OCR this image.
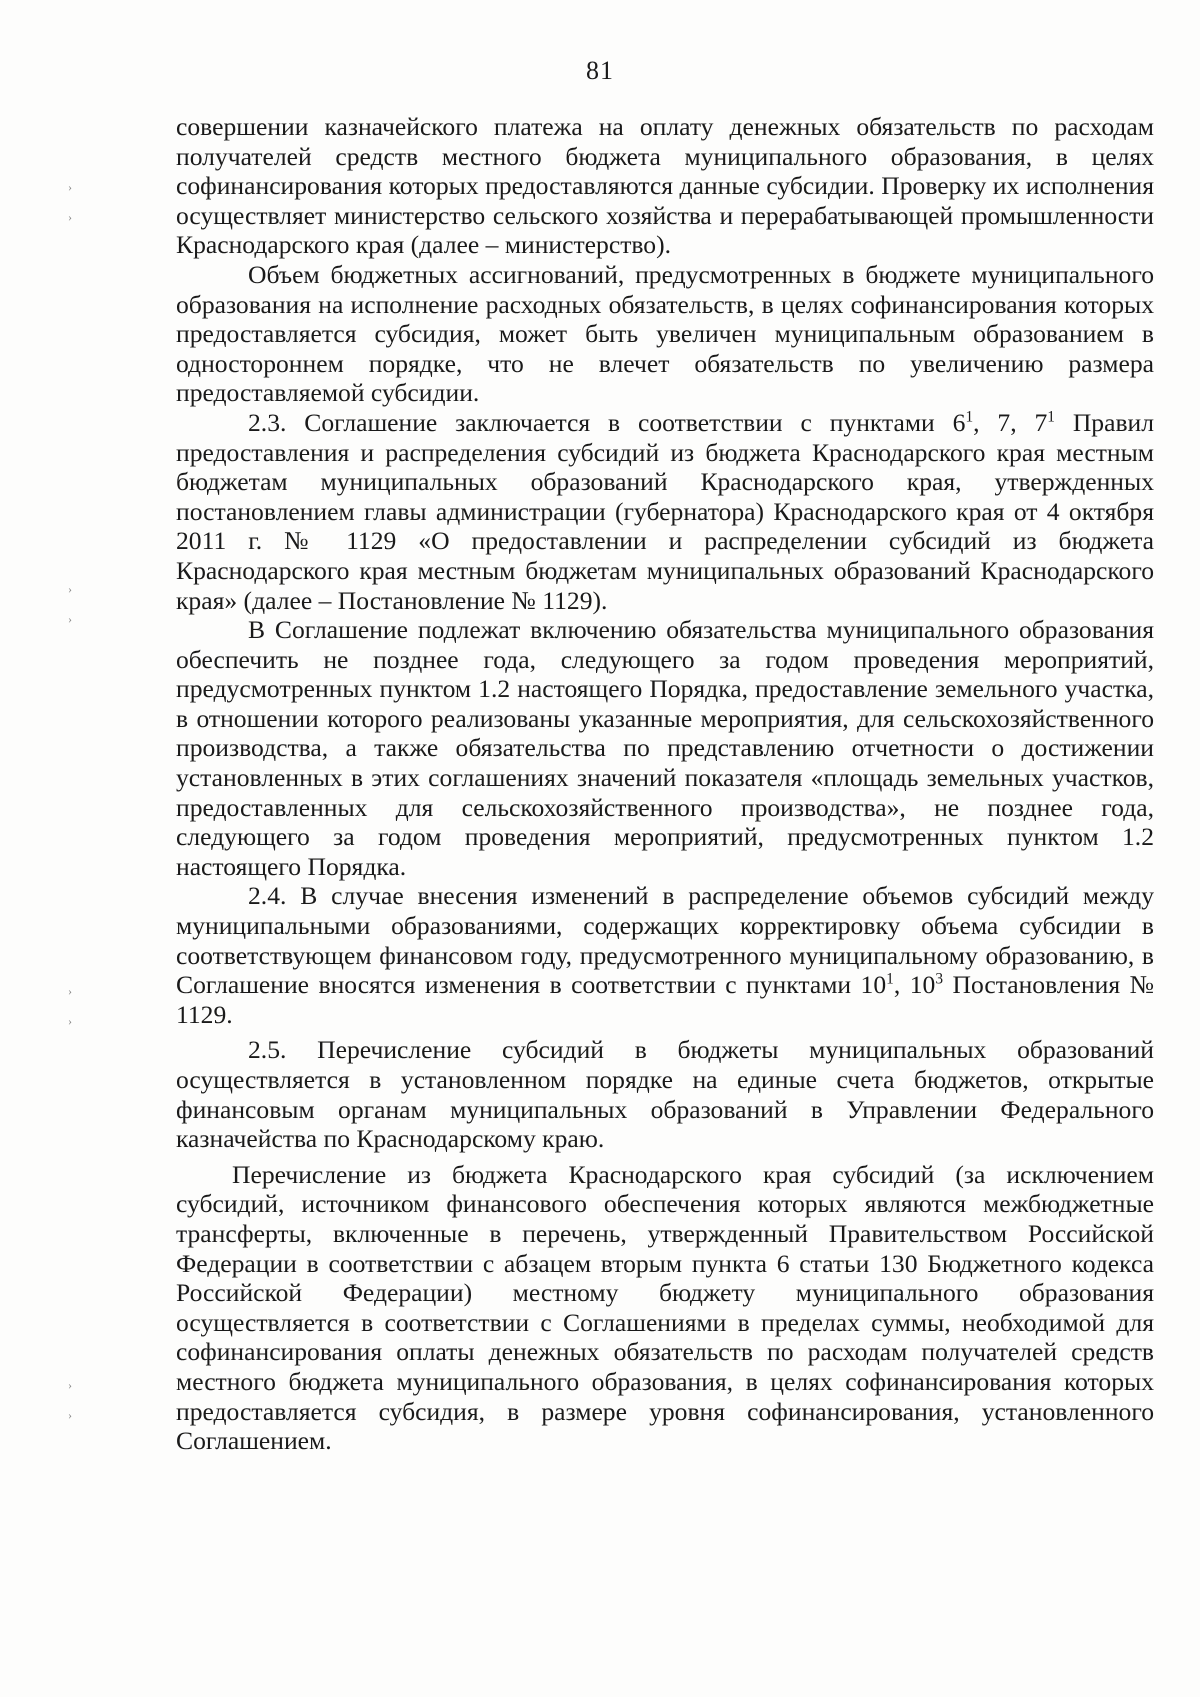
81
›
›
›
›
›
›
›
›

совершении казначейского платежа на оплату денежных обязательств по расходам получателей средств местного бюджета муниципального образования, в целях софинансирования которых предоставляются данные субсидии. Проверку их исполнения осуществляет министерство сельского хозяйства и перерабатывающей промышленности Краснодарского края (далее – министерство).

Объем бюджетных ассигнований, предусмотренных в бюджете муниципального образования на исполнение расходных обязательств, в целях софинансирования которых предоставляется субсидия, может быть увеличен муниципальным образованием в одностороннем порядке, что не влечет обязательств по увеличению размера предоставляемой субсидии.

2.3. Соглашение заключается в соответствии с пунктами $6^1$, 7, $7^1$ Правил предоставления и распределения субсидий из бюджета Краснодарского края местным бюджетам муниципальных образований Краснодарского края, утвержденных постановлением главы администрации (губернатора) Краснодарского края от 4 октября 2011 г. № 1129 «О предоставлении и распределении субсидий из бюджета Краснодарского края местным бюджетам муниципальных образований Краснодарского края» (далее – Постановление № 1129).

В Соглашение подлежат включению обязательства муниципального образования обеспечить не позднее года, следующего за годом проведения мероприятий, предусмотренных пунктом 1.2 настоящего Порядка, предоставление земельного участка, в отношении которого реализованы указанные мероприятия, для сельскохозяйственного производства, а также обязательства по представлению отчетности о достижении установленных в этих соглашениях значений показателя «площадь земельных участков, предоставленных для сельскохозяйственного производства», не позднее года, следующего за годом проведения мероприятий, предусмотренных пунктом 1.2 настоящего Порядка.

2.4. В случае внесения изменений в распределение объемов субсидий между муниципальными образованиями, содержащих корректировку объема субсидии в соответствующем финансовом году, предусмотренного муниципальному образованию, в Соглашение вносятся изменения в соответствии с пунктами $10^1$, $10^3$ Постановления № 1129.

2.5. Перечисление субсидий в бюджеты муниципальных образований осуществляется в установленном порядке на единые счета бюджетов, открытые финансовым органам муниципальных образований в Управлении Федерального казначейства по Краснодарскому краю.

Перечисление из бюджета Краснодарского края субсидий (за исключением субсидий, источником финансового обеспечения которых являются межбюджетные трансферты, включенные в перечень, утвержденный Правительством Российской Федерации в соответствии с абзацем вторым пункта 6 статьи 130 Бюджетного кодекса Российской Федерации) местному бюджету муниципального образования осуществляется в соответствии с Соглашениями в пределах суммы, необходимой для софинансирования оплаты денежных обязательств по расходам получателей средств местного бюджета муниципального образования, в целях софинансирования которых предоставляется субсидия, в размере уровня софинансирования, установленного Соглашением.
